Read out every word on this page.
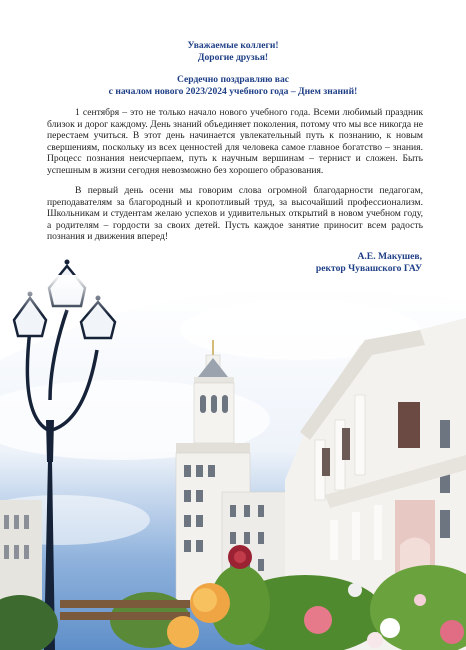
Уважаемые коллеги!
Дорогие друзья!
Сердечно поздравляю вас
с началом нового 2023/2024 учебного года – Днем знаний!

1 сентября – это не только начало нового учебного года. Всеми любимый праздник близок и дорог каждому. День знаний объединяет поколения, потому что мы все никогда не перестаем учиться. В этот день начинается увлекательный путь к познанию, к новым свершениям, поскольку из всех ценностей для человека самое главное богатство – знания. Процесс познания неисчерпаем, путь к научным вершинам – тернист и сложен. Быть успешным в жизни сегодня невозможно без хорошего образования.

В первый день осени мы говорим слова огромной благодарности педагогам, преподавателям за благородный и кропотливый труд, за высочайший профессионализм. Школьникам и студентам желаю успехов и удивительных открытий в новом учебном году, а родителям – гордости за своих детей. Пусть каждое занятие приносит всем радость познания и движения вперед!

А.Е. Макушев,
ректор Чувашского ГАУ
